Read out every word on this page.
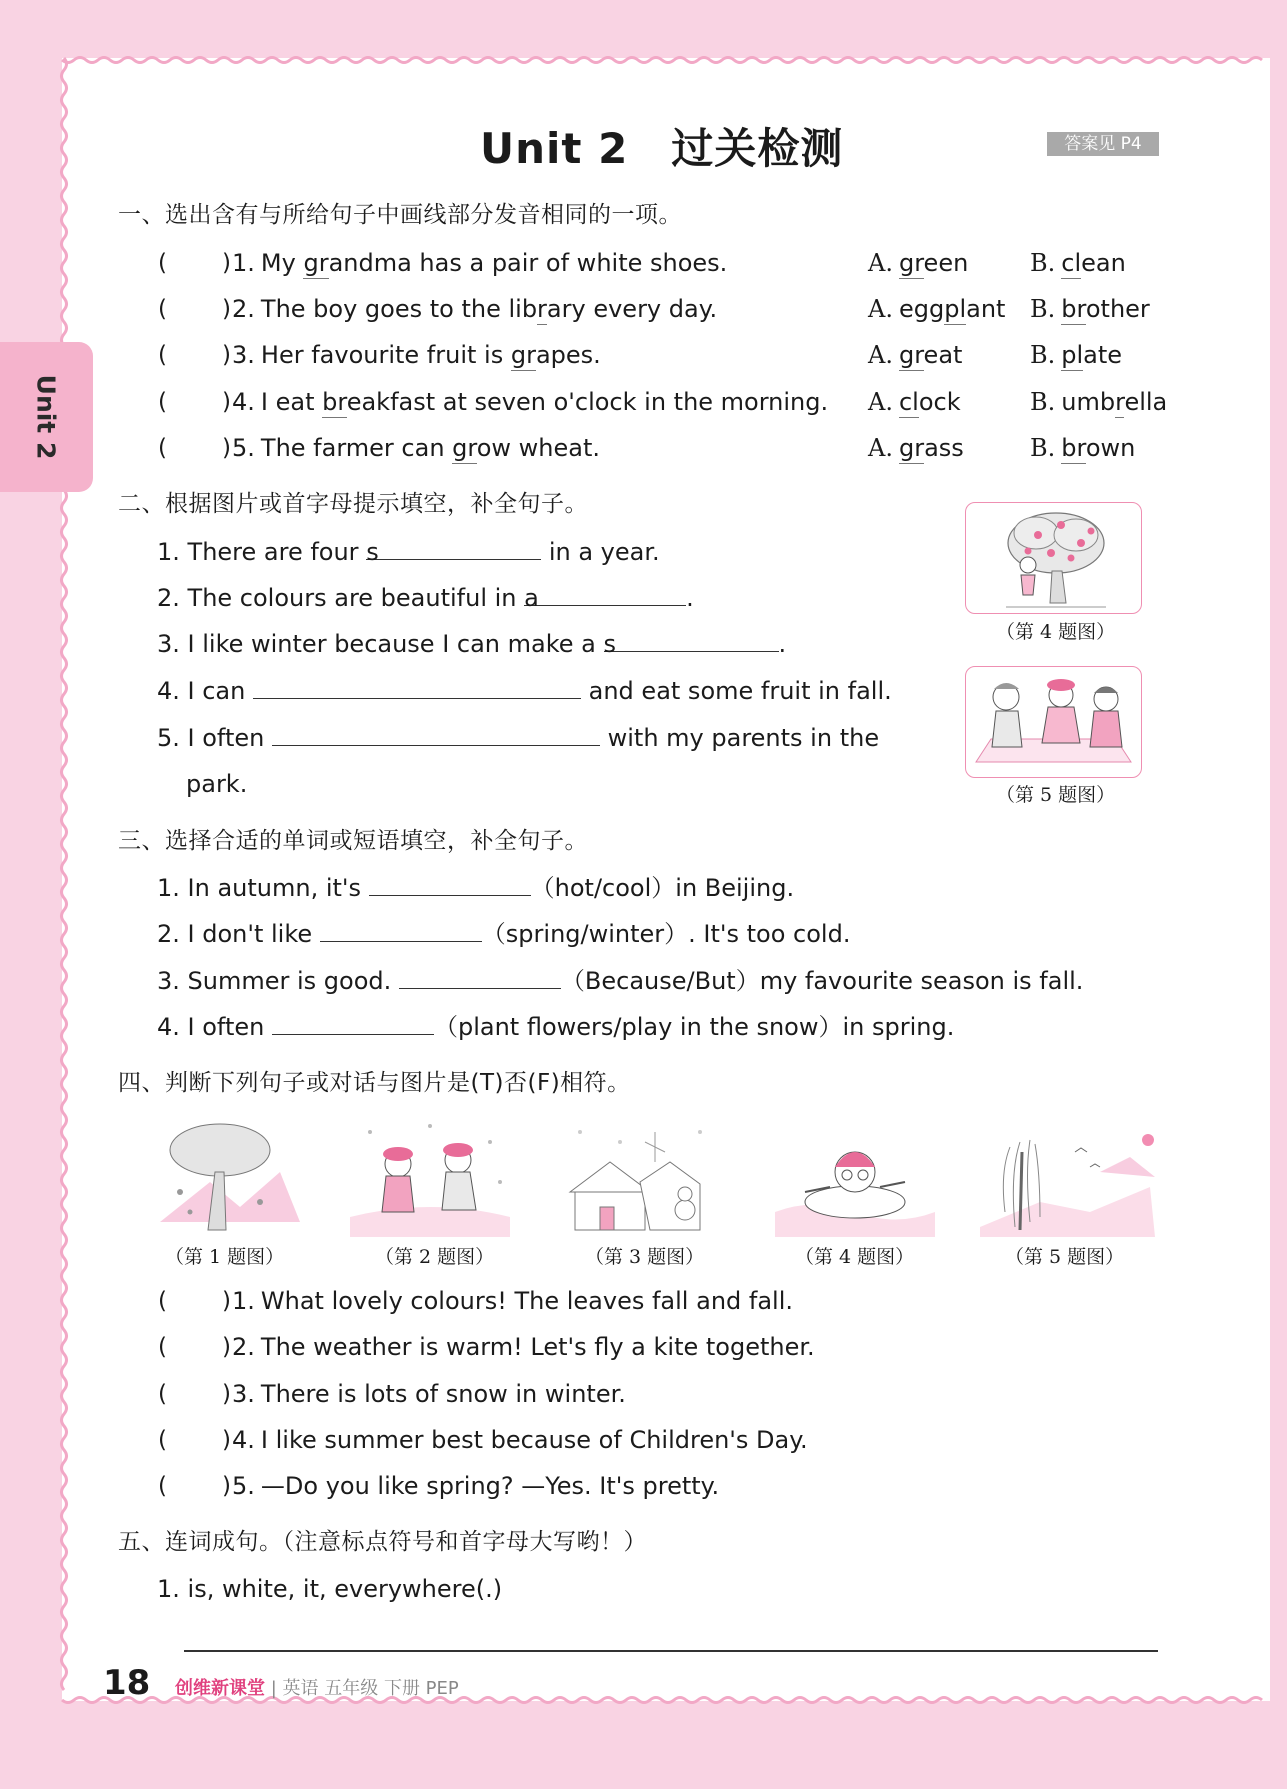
Unit 2
Unit 2　过关检测	答案见 P4
一、选出含有与所给句子中画线部分发音相同的一项。
( ) 1. My grandma has a pair of white shoes.	A. green	B. clean
( ) 2. The boy goes to the library every day.	A. eggplant B. brother
( ) 3. Her favourite fruit is grapes.	A. great	B. plate
( ) 4. I eat breakfast at seven o'clock in the morning. A. clock	B. umbrella
( ) 5. The farmer can grow wheat.	A. grass	B. brown
二、根据图片或首字母提示填空，补全句子。
1. There are four s	in a year.
2. The colours are beautiful in a	.
3. I like winter because I can make a s	.
4. I can	and eat some fruit in fall.
5. I often	with my parents in the
park.
（第 4 题图）
（第 5 题图）
三、选择合适的单词或短语填空，补全句子。
1. In autumn, it's	（hot/cool）in Beijing.
2. I don't like	（spring/winter）. It's too cold.
3. Summer is good.	（Because/But）my favourite season is fall.
4. I often	（plant flowers/play in the snow）in spring.
四、判断下列句子或对话与图片是(T)否(F)相符。
（第 1 题图）	（第 2 题图）	（第 3 题图）	（第 4 题图）	（第 5 题图）
( ) 1. What lovely colours! The leaves fall and fall.
( ) 2. The weather is warm! Let's fly a kite together.
( ) 3. There is lots of snow in winter.
( ) 4. I like summer best because of Children's Day.
( ) 5. —Do you like spring? —Yes. It's pretty.
五、连词成句。（注意标点符号和首字母大写哟！）
1. is, white, it, everywhere(.)
18 创维新课堂 | 英语 五年级 下册 PEP
